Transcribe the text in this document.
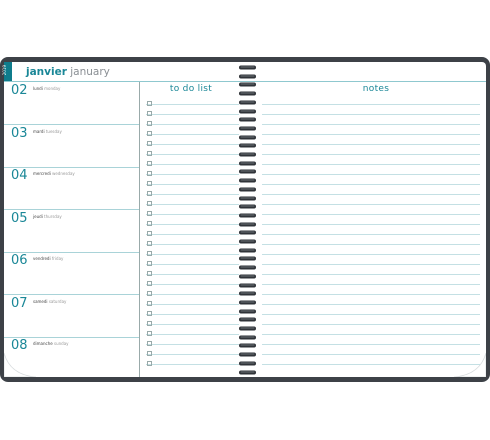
2019 janvier january
to do list	notes
02 lundi monday
03 mardi tuesday
04 mercredi wednesday
05 jeudi thursday
06 vendredi friday
07 samedi saturday
08 dimanche sunday
